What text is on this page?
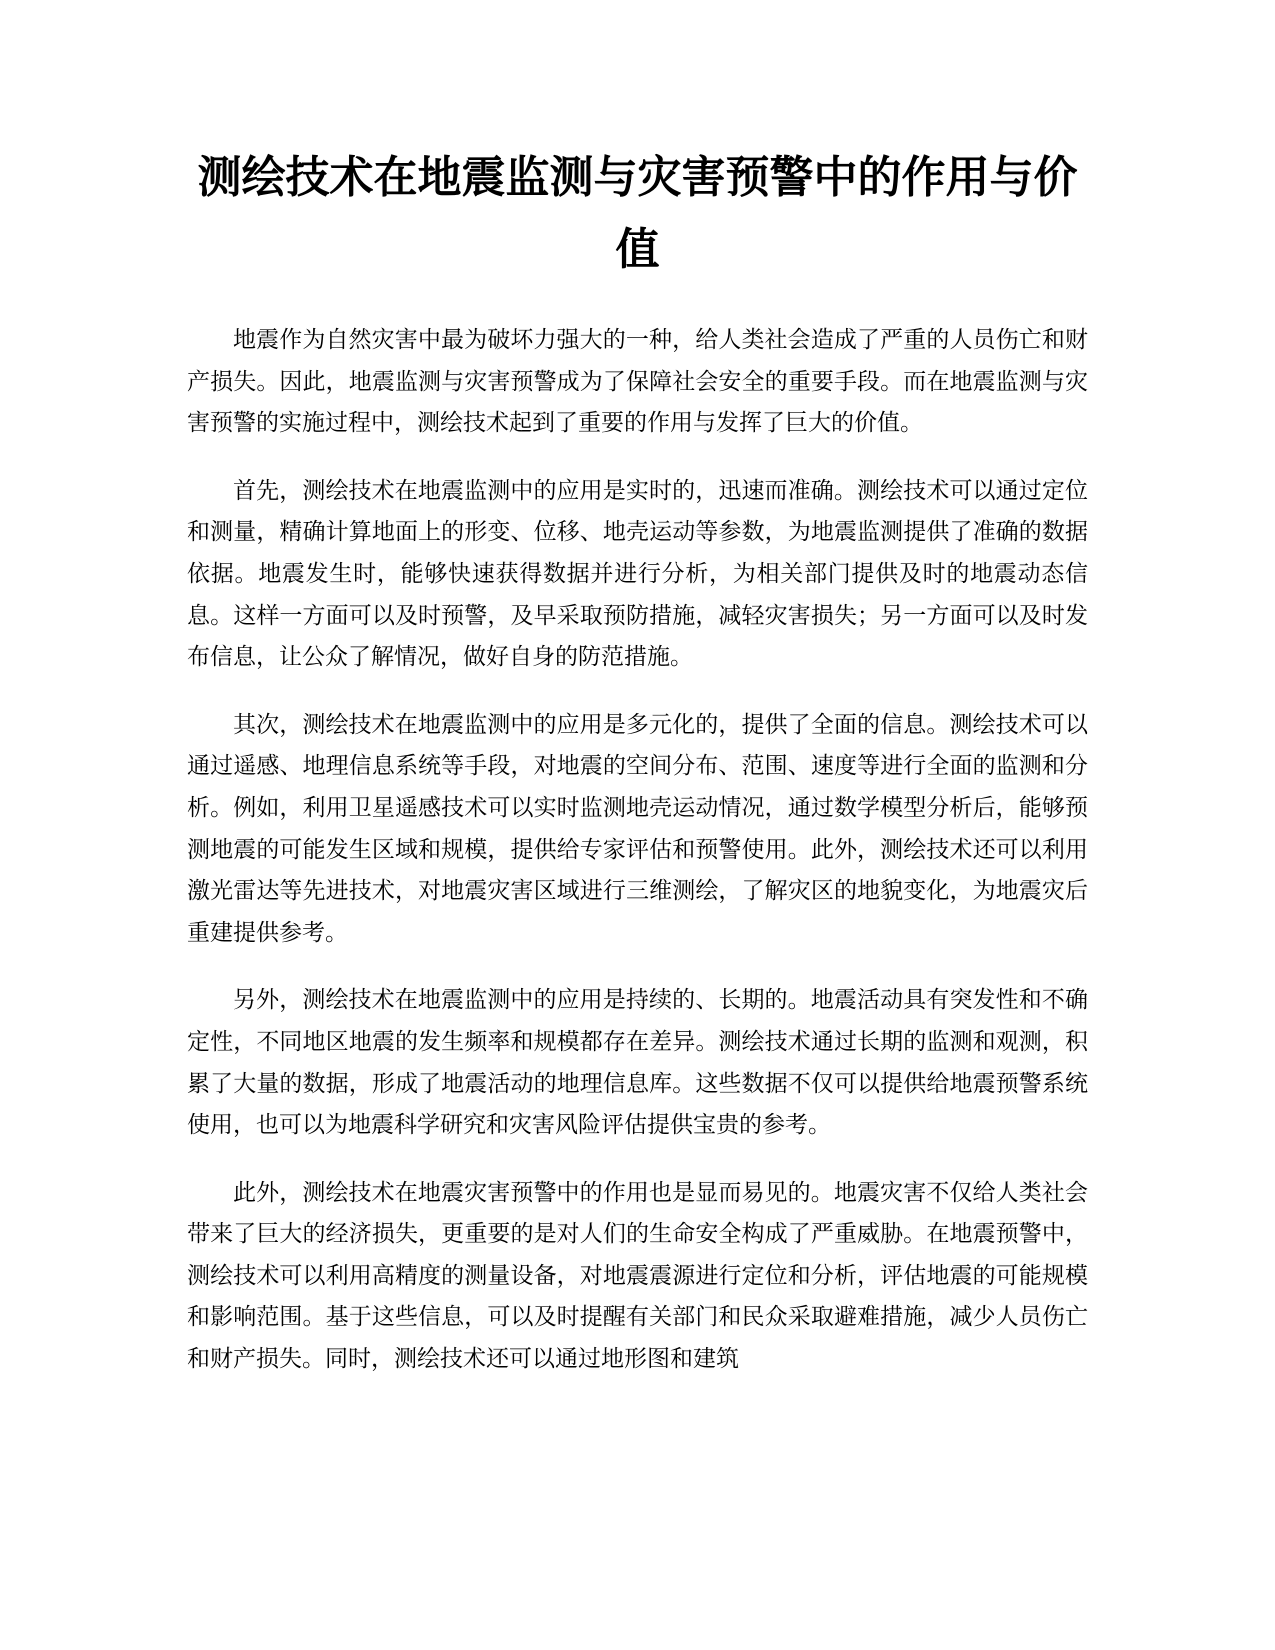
测绘技术在地震监测与灾害预警中的作用与价值

地震作为自然灾害中最为破坏力强大的一种，给人类社会造成了严重的人员伤亡和财产损失。因此，地震监测与灾害预警成为了保障社会安全的重要手段。而在地震监测与灾害预警的实施过程中，测绘技术起到了重要的作用与发挥了巨大的价值。

首先，测绘技术在地震监测中的应用是实时的，迅速而准确。测绘技术可以通过定位和测量，精确计算地面上的形变、位移、地壳运动等参数，为地震监测提供了准确的数据依据。地震发生时，能够快速获得数据并进行分析，为相关部门提供及时的地震动态信息。这样一方面可以及时预警，及早采取预防措施，减轻灾害损失；另一方面可以及时发布信息，让公众了解情况，做好自身的防范措施。

其次，测绘技术在地震监测中的应用是多元化的，提供了全面的信息。测绘技术可以通过遥感、地理信息系统等手段，对地震的空间分布、范围、速度等进行全面的监测和分析。例如，利用卫星遥感技术可以实时监测地壳运动情况，通过数学模型分析后，能够预测地震的可能发生区域和规模，提供给专家评估和预警使用。此外，测绘技术还可以利用激光雷达等先进技术，对地震灾害区域进行三维测绘，了解灾区的地貌变化，为地震灾后重建提供参考。

另外，测绘技术在地震监测中的应用是持续的、长期的。地震活动具有突发性和不确定性，不同地区地震的发生频率和规模都存在差异。测绘技术通过长期的监测和观测，积累了大量的数据，形成了地震活动的地理信息库。这些数据不仅可以提供给地震预警系统使用，也可以为地震科学研究和灾害风险评估提供宝贵的参考。

此外，测绘技术在地震灾害预警中的作用也是显而易见的。地震灾害不仅给人类社会带来了巨大的经济损失，更重要的是对人们的生命安全构成了严重威胁。在地震预警中，测绘技术可以利用高精度的测量设备，对地震震源进行定位和分析，评估地震的可能规模和影响范围。基于这些信息，可以及时提醒有关部门和民众采取避难措施，减少人员伤亡和财产损失。同时，测绘技术还可以通过地形图和建筑
